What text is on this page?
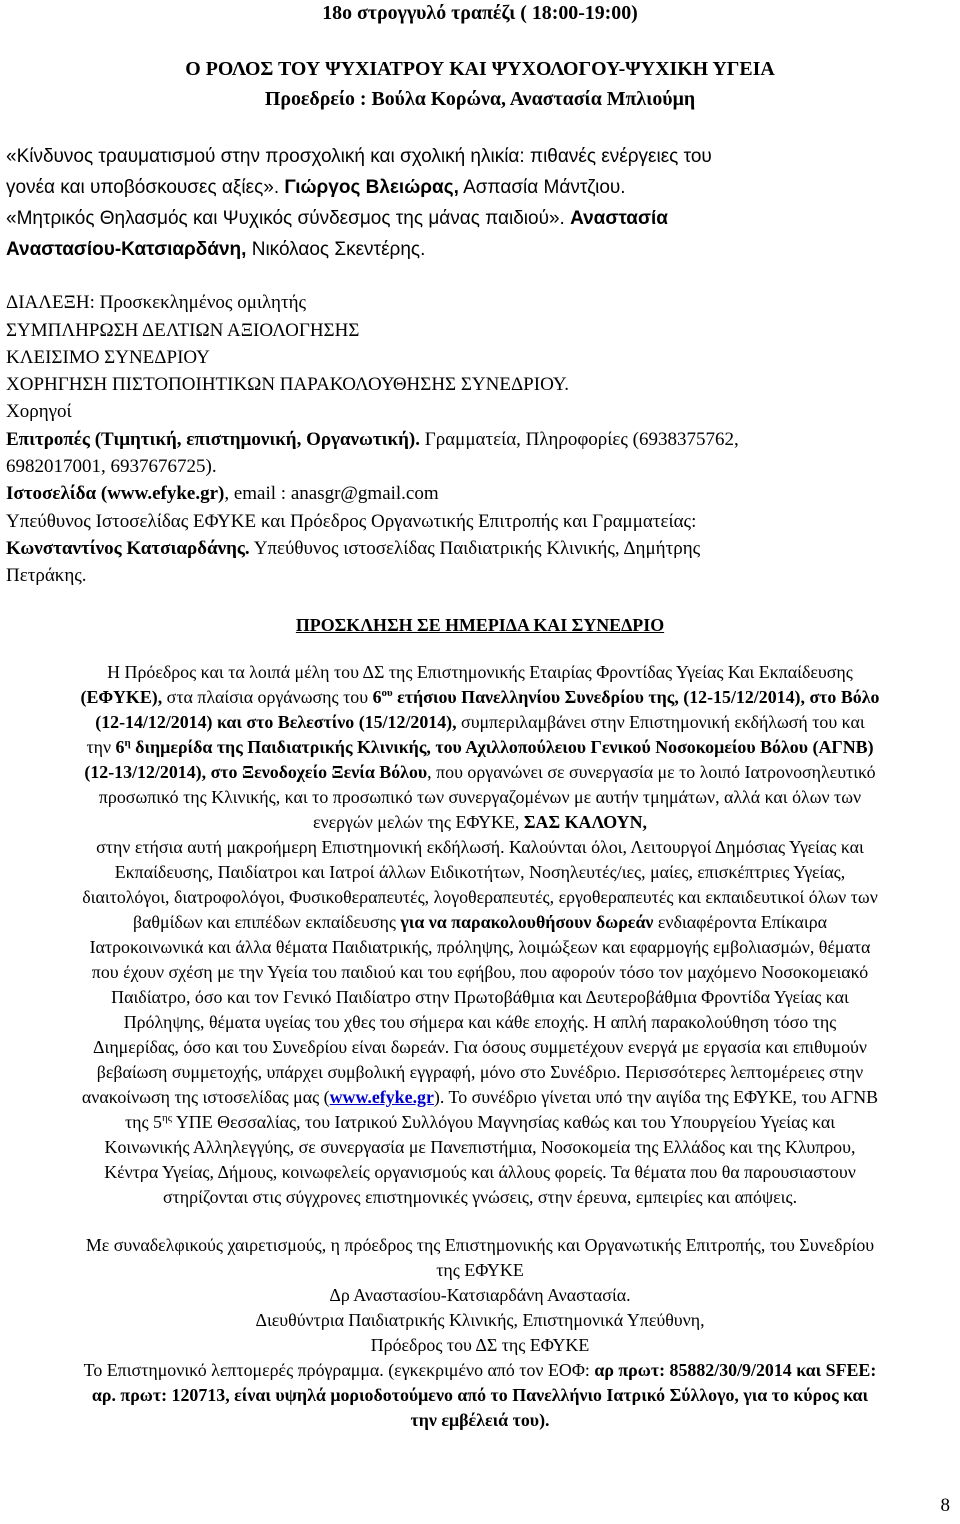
18ο στρογγυλό τραπέζι ( 18:00-19:00)
Ο ΡΟΛΟΣ ΤΟΥ ΨΥΧΙΑΤΡΟΥ ΚΑΙ ΨΥΧΟΛΟΓΟΥ-ΨΥΧΙΚΗ ΥΓΕΙΑ
Προεδρείο : Βούλα Κορώνα, Αναστασία Μπλιούμη
«Κίνδυνος τραυματισμού στην προσχολική και σχολική ηλικία: πιθανές ενέργειες του
γονέα και υποβόσκουσες αξίες». Γιώργος Βλειώρας, Ασπασία Μάντζιου.
«Μητρικός Θηλασμός και Ψυχικός σύνδεσμος της μάνας παιδιού». Αναστασία
Αναστασίου-Κατσιαρδάνη, Νικόλαος Σκεντέρης.
ΔΙΑΛΕΞΗ: Προσκεκλημένος ομιλητής
ΣΥΜΠΛΗΡΩΣΗ ΔΕΛΤΙΩΝ ΑΞΙΟΛΟΓΗΣΗΣ
ΚΛΕΙΣΙΜΟ ΣΥΝΕΔΡΙΟΥ
ΧΟΡΗΓΗΣΗ ΠΙΣΤΟΠΟΙΗΤΙΚΩΝ ΠΑΡΑΚΟΛΟΥΘΗΣΗΣ ΣΥΝΕΔΡΙΟΥ.
Χορηγοί
Επιτροπές (Τιμητική, επιστημονική, Οργανωτική). Γραμματεία, Πληροφορίες (6938375762,
6982017001, 6937676725).
Ιστοσελίδα (www.efyke.gr), email : anasgr@gmail.com
Υπεύθυνος Ιστοσελίδας ΕΦΥΚΕ και Πρόεδρος Οργανωτικής Επιτροπής και Γραμματείας:
Κωνσταντίνος Κατσιαρδάνης. Υπεύθυνος ιστοσελίδας Παιδιατρικής Κλινικής, Δημήτρης
Πετράκης.
ΠΡΟΣΚΛΗΣΗ ΣΕ ΗΜΕΡΙΔΑ ΚΑΙ ΣΥΝΕΔΡΙΟ
Η Πρόεδρος και τα λοιπά μέλη του ΔΣ της Επιστημονικής Εταιρίας Φροντίδας Υγείας Και Εκπαίδευσης
(ΕΦΥΚΕ), στα πλαίσια οργάνωσης του $6^{o\upsilon}$ ετήσιου Πανελληνίου Συνεδρίου της, (12-15/12/2014), στο Βόλο
(12-14/12/2014) και στο Βελεστίνο (15/12/2014), συμπεριλαμβάνει στην Επιστημονική εκδήλωσή του και
την $6^\eta$ διημερίδα της Παιδιατρικής Κλινικής, του Αχιλλοπούλειου Γενικού Νοσοκομείου Βόλου (ΑΓΝΒ)
(12-13/12/2014), στο Ξενοδοχείο Ξενία Βόλου, που οργανώνει σε συνεργασία με το λοιπό Ιατρονοσηλευτικό
προσωπικό της Κλινικής, και το προσωπικό των συνεργαζομένων με αυτήν τμημάτων, αλλά και όλων των
ενεργών μελών της ΕΦΥΚΕ, ΣΑΣ ΚΑΛΟΥΝ,
στην ετήσια αυτή μακροήμερη Επιστημονική εκδήλωσή. Καλούνται όλοι, Λειτουργοί Δημόσιας Υγείας και
Εκπαίδευσης, Παιδίατροι και Ιατροί άλλων Ειδικοτήτων, Νοσηλευτές/ιες, μαίες, επισκέπτριες Υγείας,
διαιτολόγοι, διατροφολόγοι, Φυσικοθεραπευτές, λογοθεραπευτές, εργοθεραπευτές και εκπαιδευτικοί όλων των
βαθμίδων και επιπέδων εκπαίδευσης για να παρακολουθήσουν δωρεάν ενδιαφέροντα Επίκαιρα
Ιατροκοινωνικά και άλλα θέματα Παιδιατρικής, πρόληψης, λοιμώξεων και εφαρμογής εμβολιασμών, θέματα
που έχουν σχέση με την Υγεία του παιδιού και του εφήβου, που αφορούν τόσο τον μαχόμενο Νοσοκομειακό
Παιδίατρο, όσο και τον Γενικό Παιδίατρο στην Πρωτοβάθμια και Δευτεροβάθμια Φροντίδα Υγείας και
Πρόληψης, θέματα υγείας του χθες του σήμερα και κάθε εποχής. Η απλή παρακολούθηση τόσο της
Διημερίδας, όσο και του Συνεδρίου είναι δωρεάν. Για όσους συμμετέχουν ενεργά με εργασία και επιθυμούν
βεβαίωση συμμετοχής, υπάρχει συμβολική εγγραφή, μόνο στο Συνέδριο. Περισσότερες λεπτομέρειες στην
ανακοίνωση της ιστοσελίδας μας (www.efyke.gr). Το συνέδριο γίνεται υπό την αιγίδα της ΕΦΥΚΕ, του ΑΓΝΒ
της $5^{\eta\varsigma}$ ΥΠΕ Θεσσαλίας, του Ιατρικού Συλλόγου Μαγνησίας καθώς και του Υπουργείου Υγείας και
Κοινωνικής Αλληλεγγύης, σε συνεργασία με Πανεπιστήμια, Νοσοκομεία της Ελλάδος και της Κλυπρου,
Κέντρα Υγείας, Δήμους, κοινωφελείς οργανισμούς και άλλους φορείς. Τα θέματα που θα παρουσιαστουν
στηρίζονται στις σύγχρονες επιστημονικές γνώσεις, στην έρευνα, εμπειρίες και απόψεις.
Με συναδελφικούς χαιρετισμούς, η πρόεδρος της Επιστημονικής και Οργανωτικής Επιτροπής, του Συνεδρίου
της ΕΦΥΚΕ
Δρ Αναστασίου-Κατσιαρδάνη Αναστασία.
Διευθύντρια Παιδιατρικής Κλινικής, Επιστημονικά Υπεύθυνη,
Πρόεδρος του ΔΣ της ΕΦΥΚΕ
Το Επιστημονικό λεπτομερές πρόγραμμα. (εγκεκριμένο από τον ΕΟΦ: αρ πρωτ: 85882/30/9/2014 και SFEE:
αρ. πρωτ: 120713, είναι υψηλά μοριοδοτούμενο από το Πανελλήνιο Ιατρικό Σύλλογο, για το κύρος και
την εμβέλειά του).
8
